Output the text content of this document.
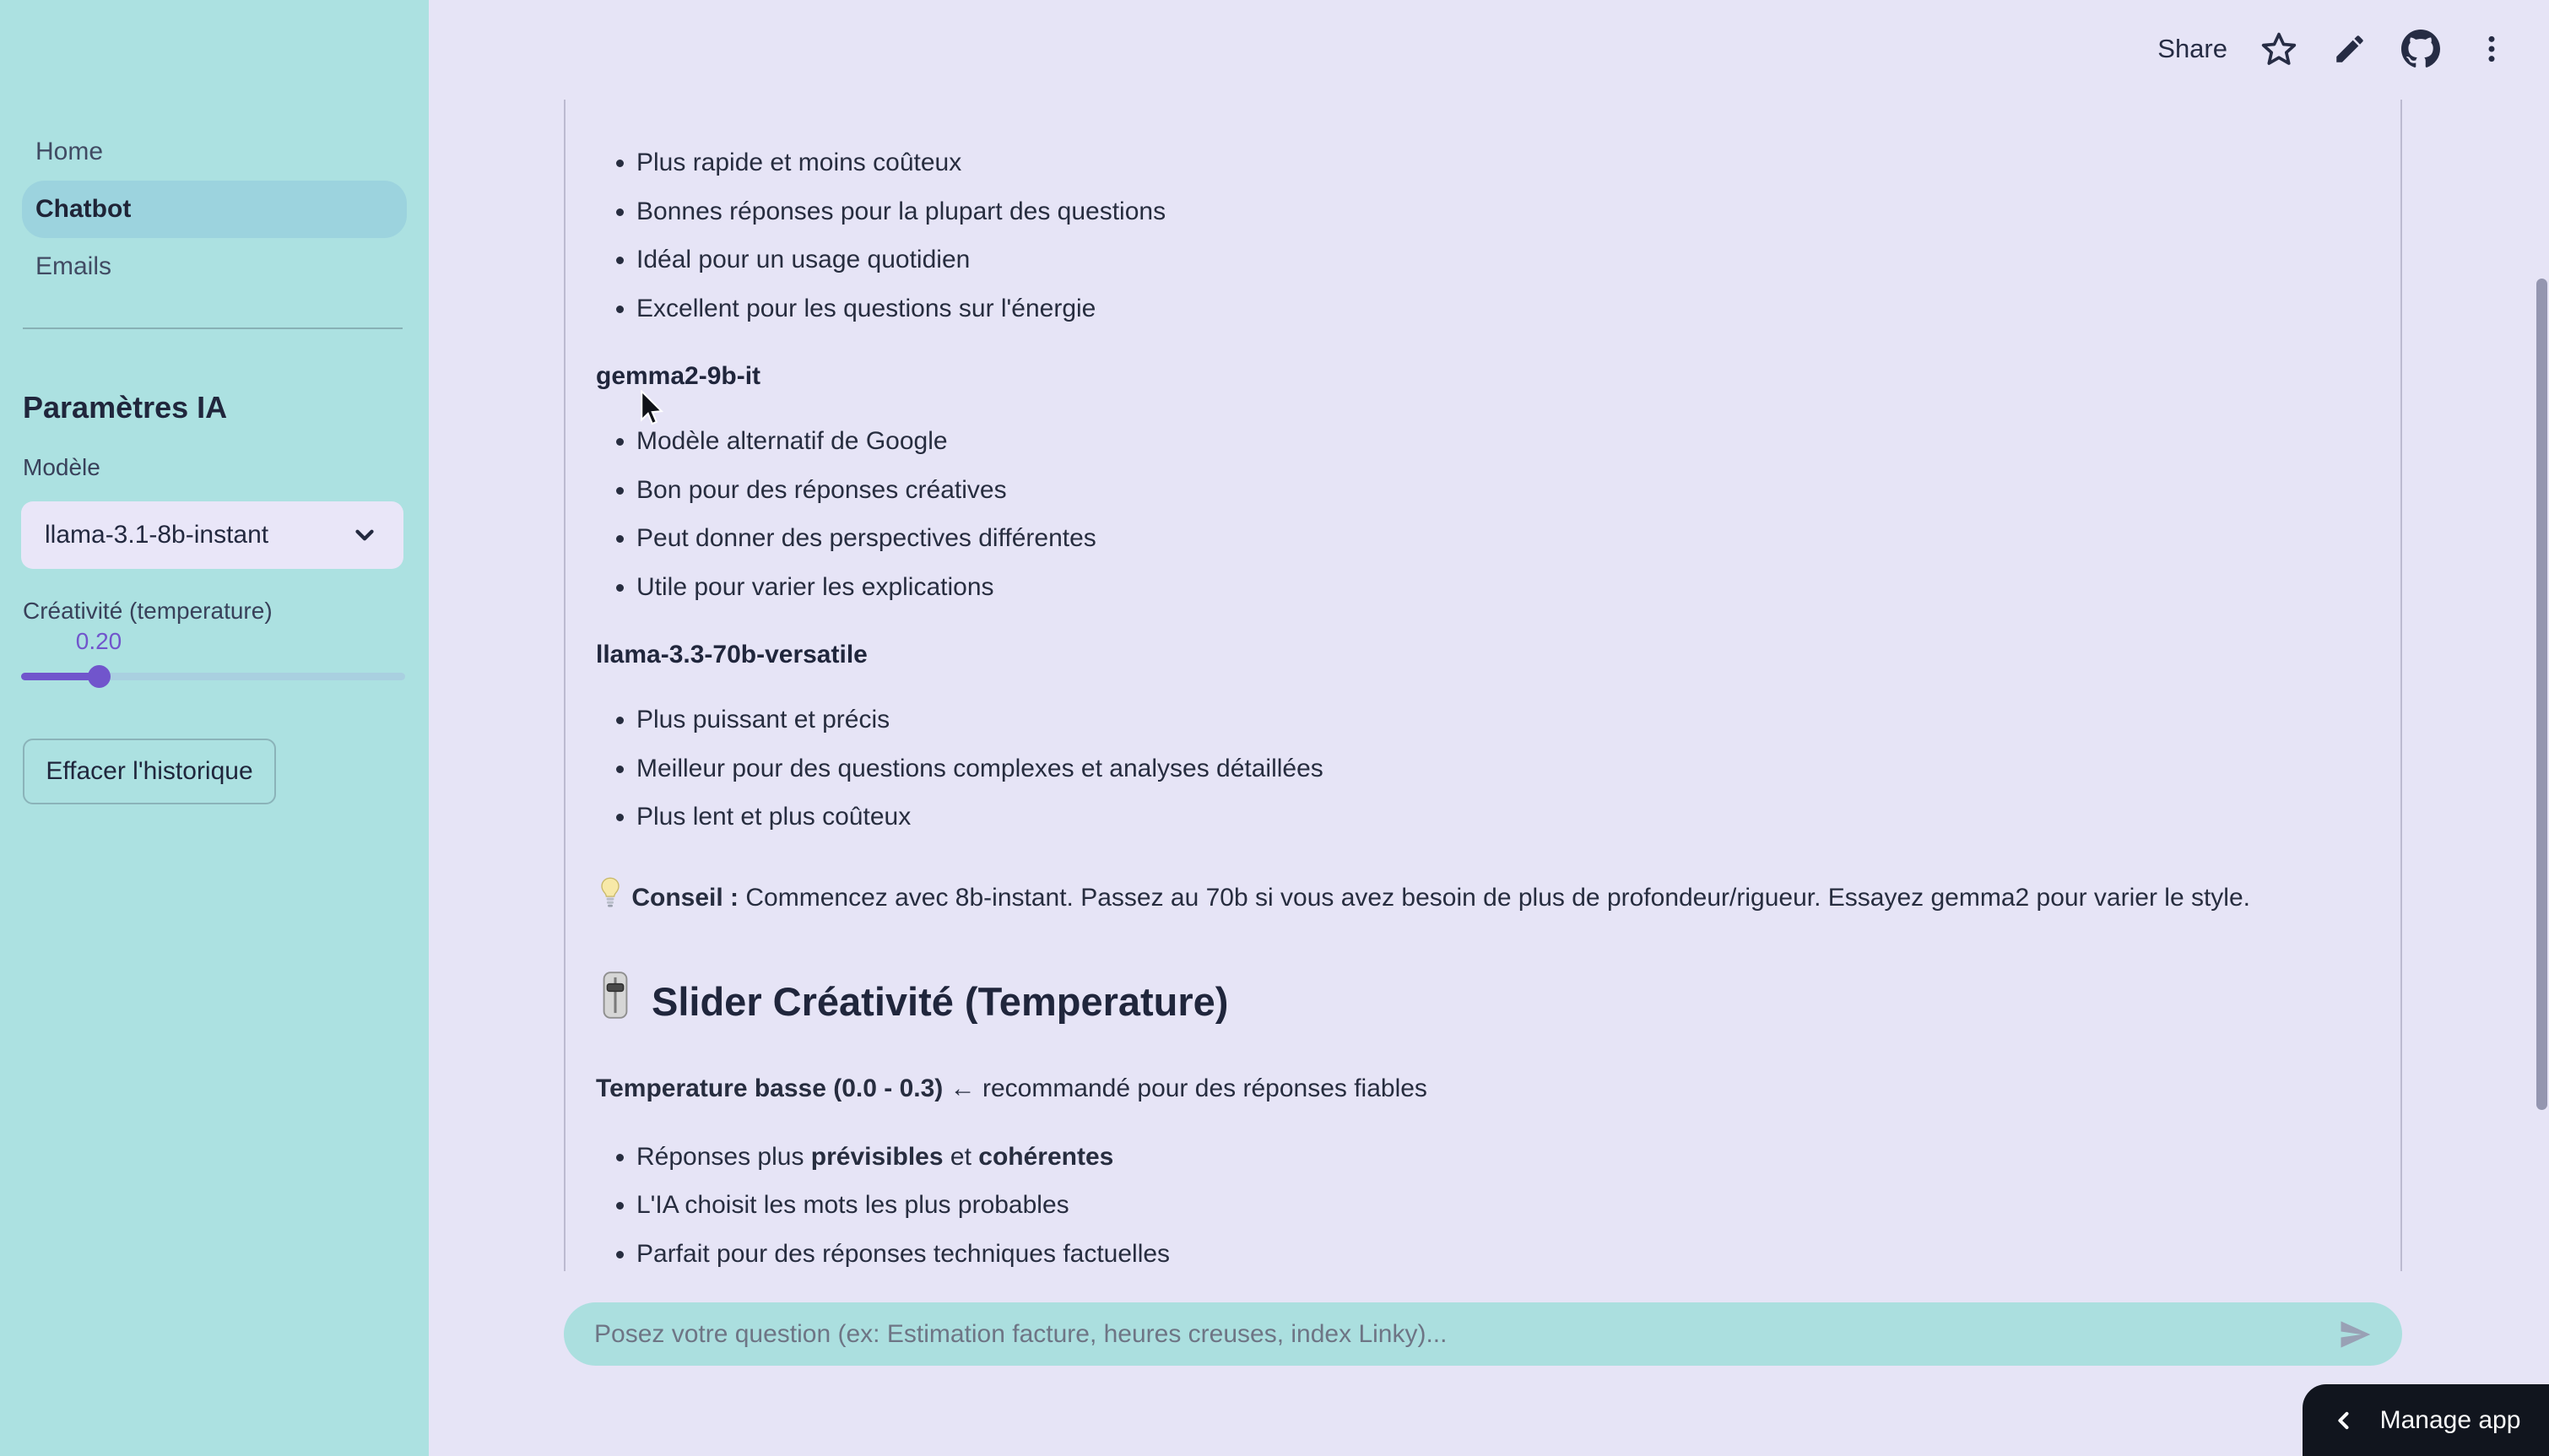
Home
Chatbot
Emails
Paramètres IA
Modèle
llama-3.1-8b-instant
Créativité (temperature)
0.20
Effacer l'historique
Share
• Plus rapide et moins coûteux
• Bonnes réponses pour la plupart des questions
• Idéal pour un usage quotidien
• Excellent pour les questions sur l'énergie
gemma2-9b-it
• Modèle alternatif de Google
• Bon pour des réponses créatives
• Peut donner des perspectives différentes
• Utile pour varier les explications
llama-3.3-70b-versatile
• Plus puissant et précis
• Meilleur pour des questions complexes et analyses détaillées
• Plus lent et plus coûteux

Conseil : Commencez avec 8b-instant. Passez au 70b si vous avez besoin de plus de profondeur/rigueur. Essayez gemma2 pour varier le style.

Slider Créativité (Temperature)

Temperature basse (0.0 - 0.3) ← recommandé pour des réponses fiables

• Réponses plus prévisibles et cohérentes
• L'IA choisit les mots les plus probables
• Parfait pour des réponses techniques factuelles
Posez votre question (ex: Estimation facture, heures creuses, index Linky)...
Manage app
